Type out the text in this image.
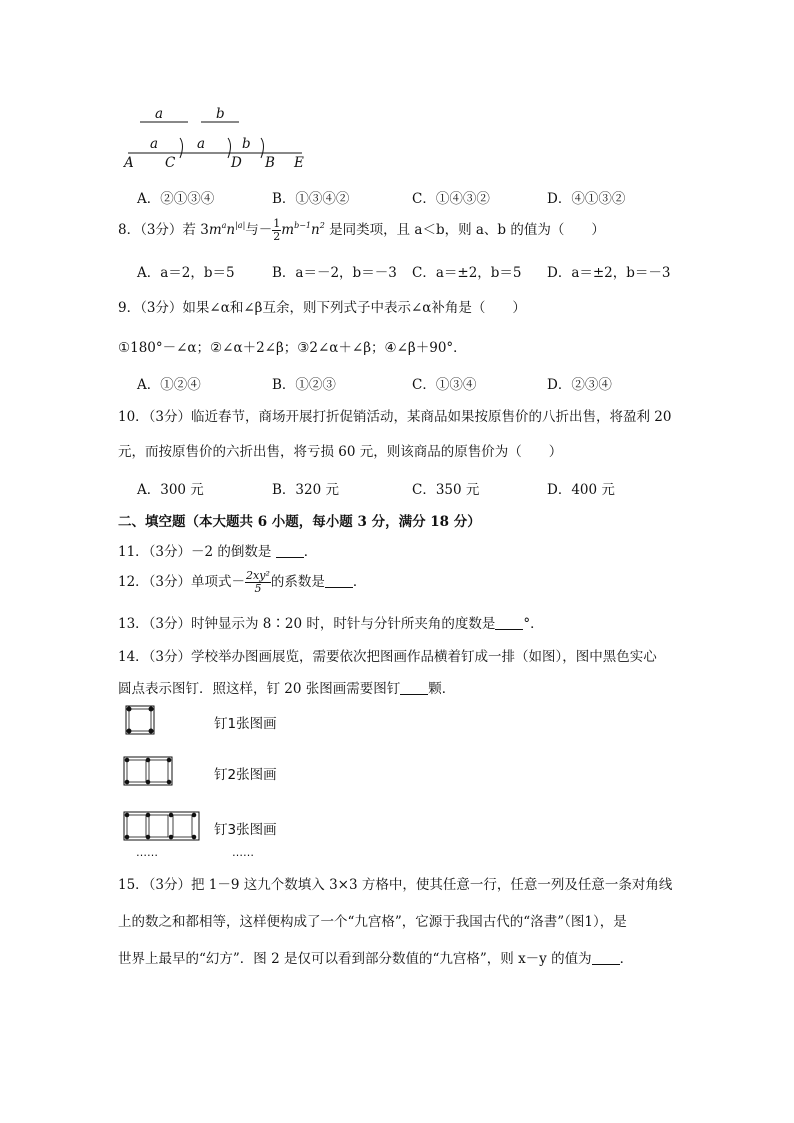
a	b
a	a	b
A C	D B E
A．②①③④	B．①③④②	C．①④③②	D．④①③②
8．（3分）若 $3m^an^{|a|}$与－ $\frac{1}{2} m^{b-1}n^2$ 是同类项，且 a＜b，则 a、b 的值为（　　）
A．a＝2，b＝5	B．a＝－2，b＝－3 C．a＝±2，b＝5 D．a＝±2，b＝－3
9．（3分）如果∠α和∠β互余，则下列式子中表示∠α补角是（　　）
①180°－∠α；②∠α＋2∠β；③2∠α＋∠β；④∠β＋90°．
A．①②④	B．①②③	C．①③④	D．②③④
10．（3分）临近春节，商场开展打折促销活动，某商品如果按原售价的八折出售，将盈利 20
元，而按原售价的六折出售，将亏损 60 元，则该商品的原售价为（　　）
A．300 元	B．320 元	C．350 元	D．400 元
二、填空题（本大题共 6 小题，每小题 3 分，满分 18 分）
11．（3分）－2 的倒数是 ．
12．（3分）单项式－ $\frac{\text{2xy²}}{5}$ 的系数是 ．
13．（3分）时钟显示为 8∶20 时，时针与分针所夹角的度数是 °．
14．（3分）学校举办图画展览，需要依次把图画作品横着钉成一排（如图），图中黑色实心
圆点表示图钉．照这样，钉 20 张图画需要图钉 颗．
钉1张图画
钉2张图画
钉3张图画
……	……
15．（3分）把 1－9 这九个数填入 3×3 方格中，使其任意一行，任意一列及任意一条对角线
上的数之和都相等，这样便构成了一个“九宫格”，它源于我国古代的“洛書”（图1），是
世界上最早的“幻方”．图 2 是仅可以看到部分数值的“九宫格”，则 x－y 的值为 ．
